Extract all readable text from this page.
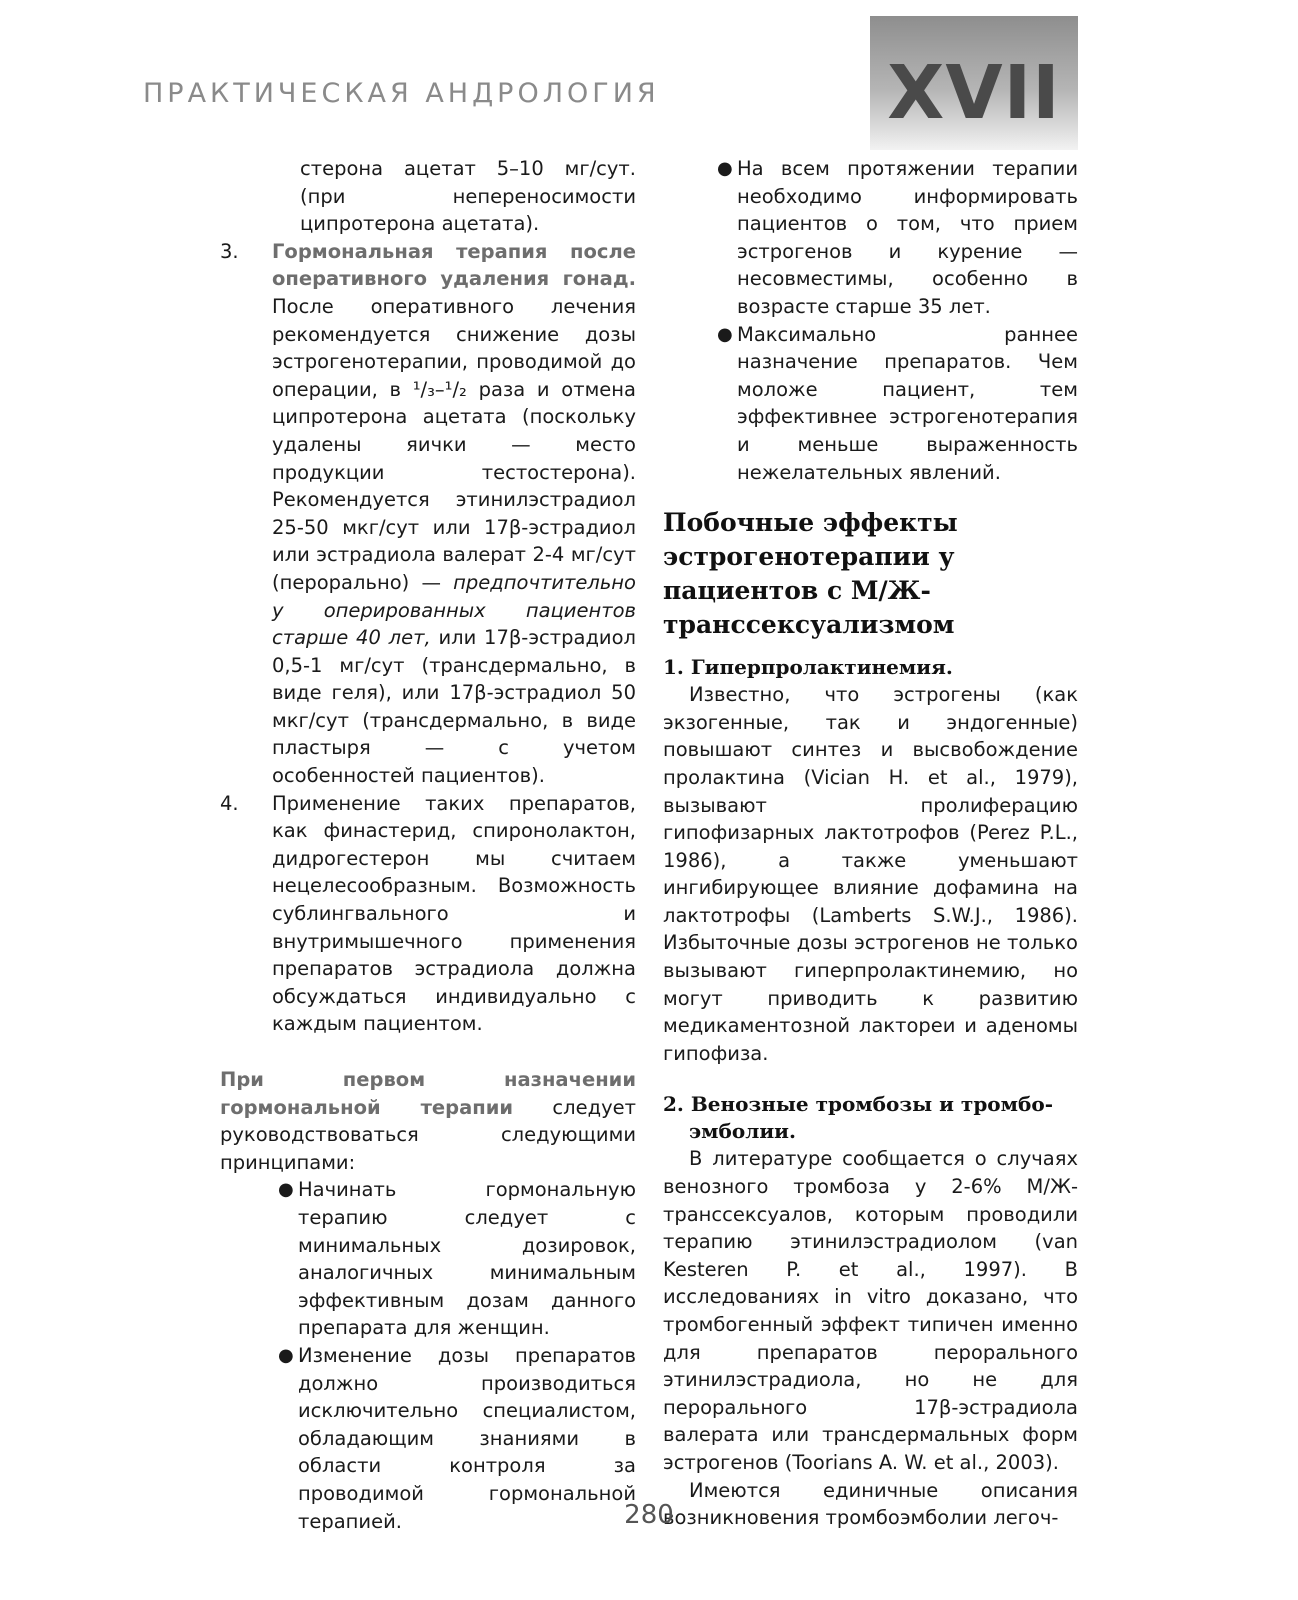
ПРАКТИЧЕСКАЯ АНДРОЛОГИЯ	XVII

стерона ацетат 5–10 мг/сут. (при непереносимости ципротерона ацетата).

3.	Гормональная терапия после оперативного удаления гонад. После оперативного лечения рекомендуется снижение дозы эстрогенотерапии, проводимой до операции, в ¹/₃–¹/₂ раза и отмена ципротерона ацетата (поскольку удалены яички — место продукции тестостерона). Рекомендуется этинилэстрадиол 25-50 мкг/сут или 17β-эстрадиол или эстрадиола валерат 2-4 мг/сут (перорально) — предпочтительно у оперированных пациентов старше 40 лет, или 17β-эстрадиол 0,5-1 мг/сут (трансдермально, в виде геля), или 17β-эстрадиол 50 мкг/сут (трансдермально, в виде пластыря — с учетом особенностей пациентов).
4.	Применение таких препаратов, как финастерид, спиронолактон, дидрогестерон мы считаем нецелесообразным. Возможность сублингвального и внутримышечного применения препаратов эстрадиола должна обсуждаться индивидуально с каждым пациентом.

При первом назначении гормональной терапии следует руководствоваться следующими принципами:

● Начинать гормональную терапию следует с минимальных дозировок, аналогичных минимальным эффективным дозам данного препарата для женщин.
● Изменение дозы препаратов должно производиться исключительно специалистом, обладающим знаниями в области контроля за проводимой гормональной терапией.
● На всем протяжении терапии необходимо информировать пациентов о том, что прием эстрогенов и курение — несовместимы, особенно в возрасте старше 35 лет.
● Максимально раннее назначение препаратов. Чем моложе пациент, тем эффективнее эстрогенотерапия и меньше выраженность нежелательных явлений.
Побочные эффекты эстрогенотерапии у пациентов с М/Ж-транссексуализмом
1. Гиперпролактинемия.

Известно, что эстрогены (как экзогенные, так и эндогенные) повышают синтез и высвобождение пролактина (Vician H. et al., 1979), вызывают пролиферацию гипофизарных лактотрофов (Perez P.L., 1986), а также уменьшают ингибирующее влияние дофамина на лактотрофы (Lamberts S.W.J., 1986). Избыточные дозы эстрогенов не только вызывают гиперпролактинемию, но могут приводить к развитию медикаментозной лактореи и аденомы гипофиза.

2. Венозные тромбозы и тромбо-
эмболии.

В литературе сообщается о случаях венозного тромбоза у 2-6% М/Ж-транссексуалов, которым проводили терапию этинилэстрадиолом (van Kesteren P. et al., 1997). В исследованиях in vitro доказано, что тромбогенный эффект типичен именно для препаратов перорального этинилэстрадиола, но не для перорального 17β-эстрадиола валерата или трансдермальных форм эстрогенов (Toorians A. W. et al., 2003).

Имеются единичные описания возникновения тромбоэмболии легоч-

280
